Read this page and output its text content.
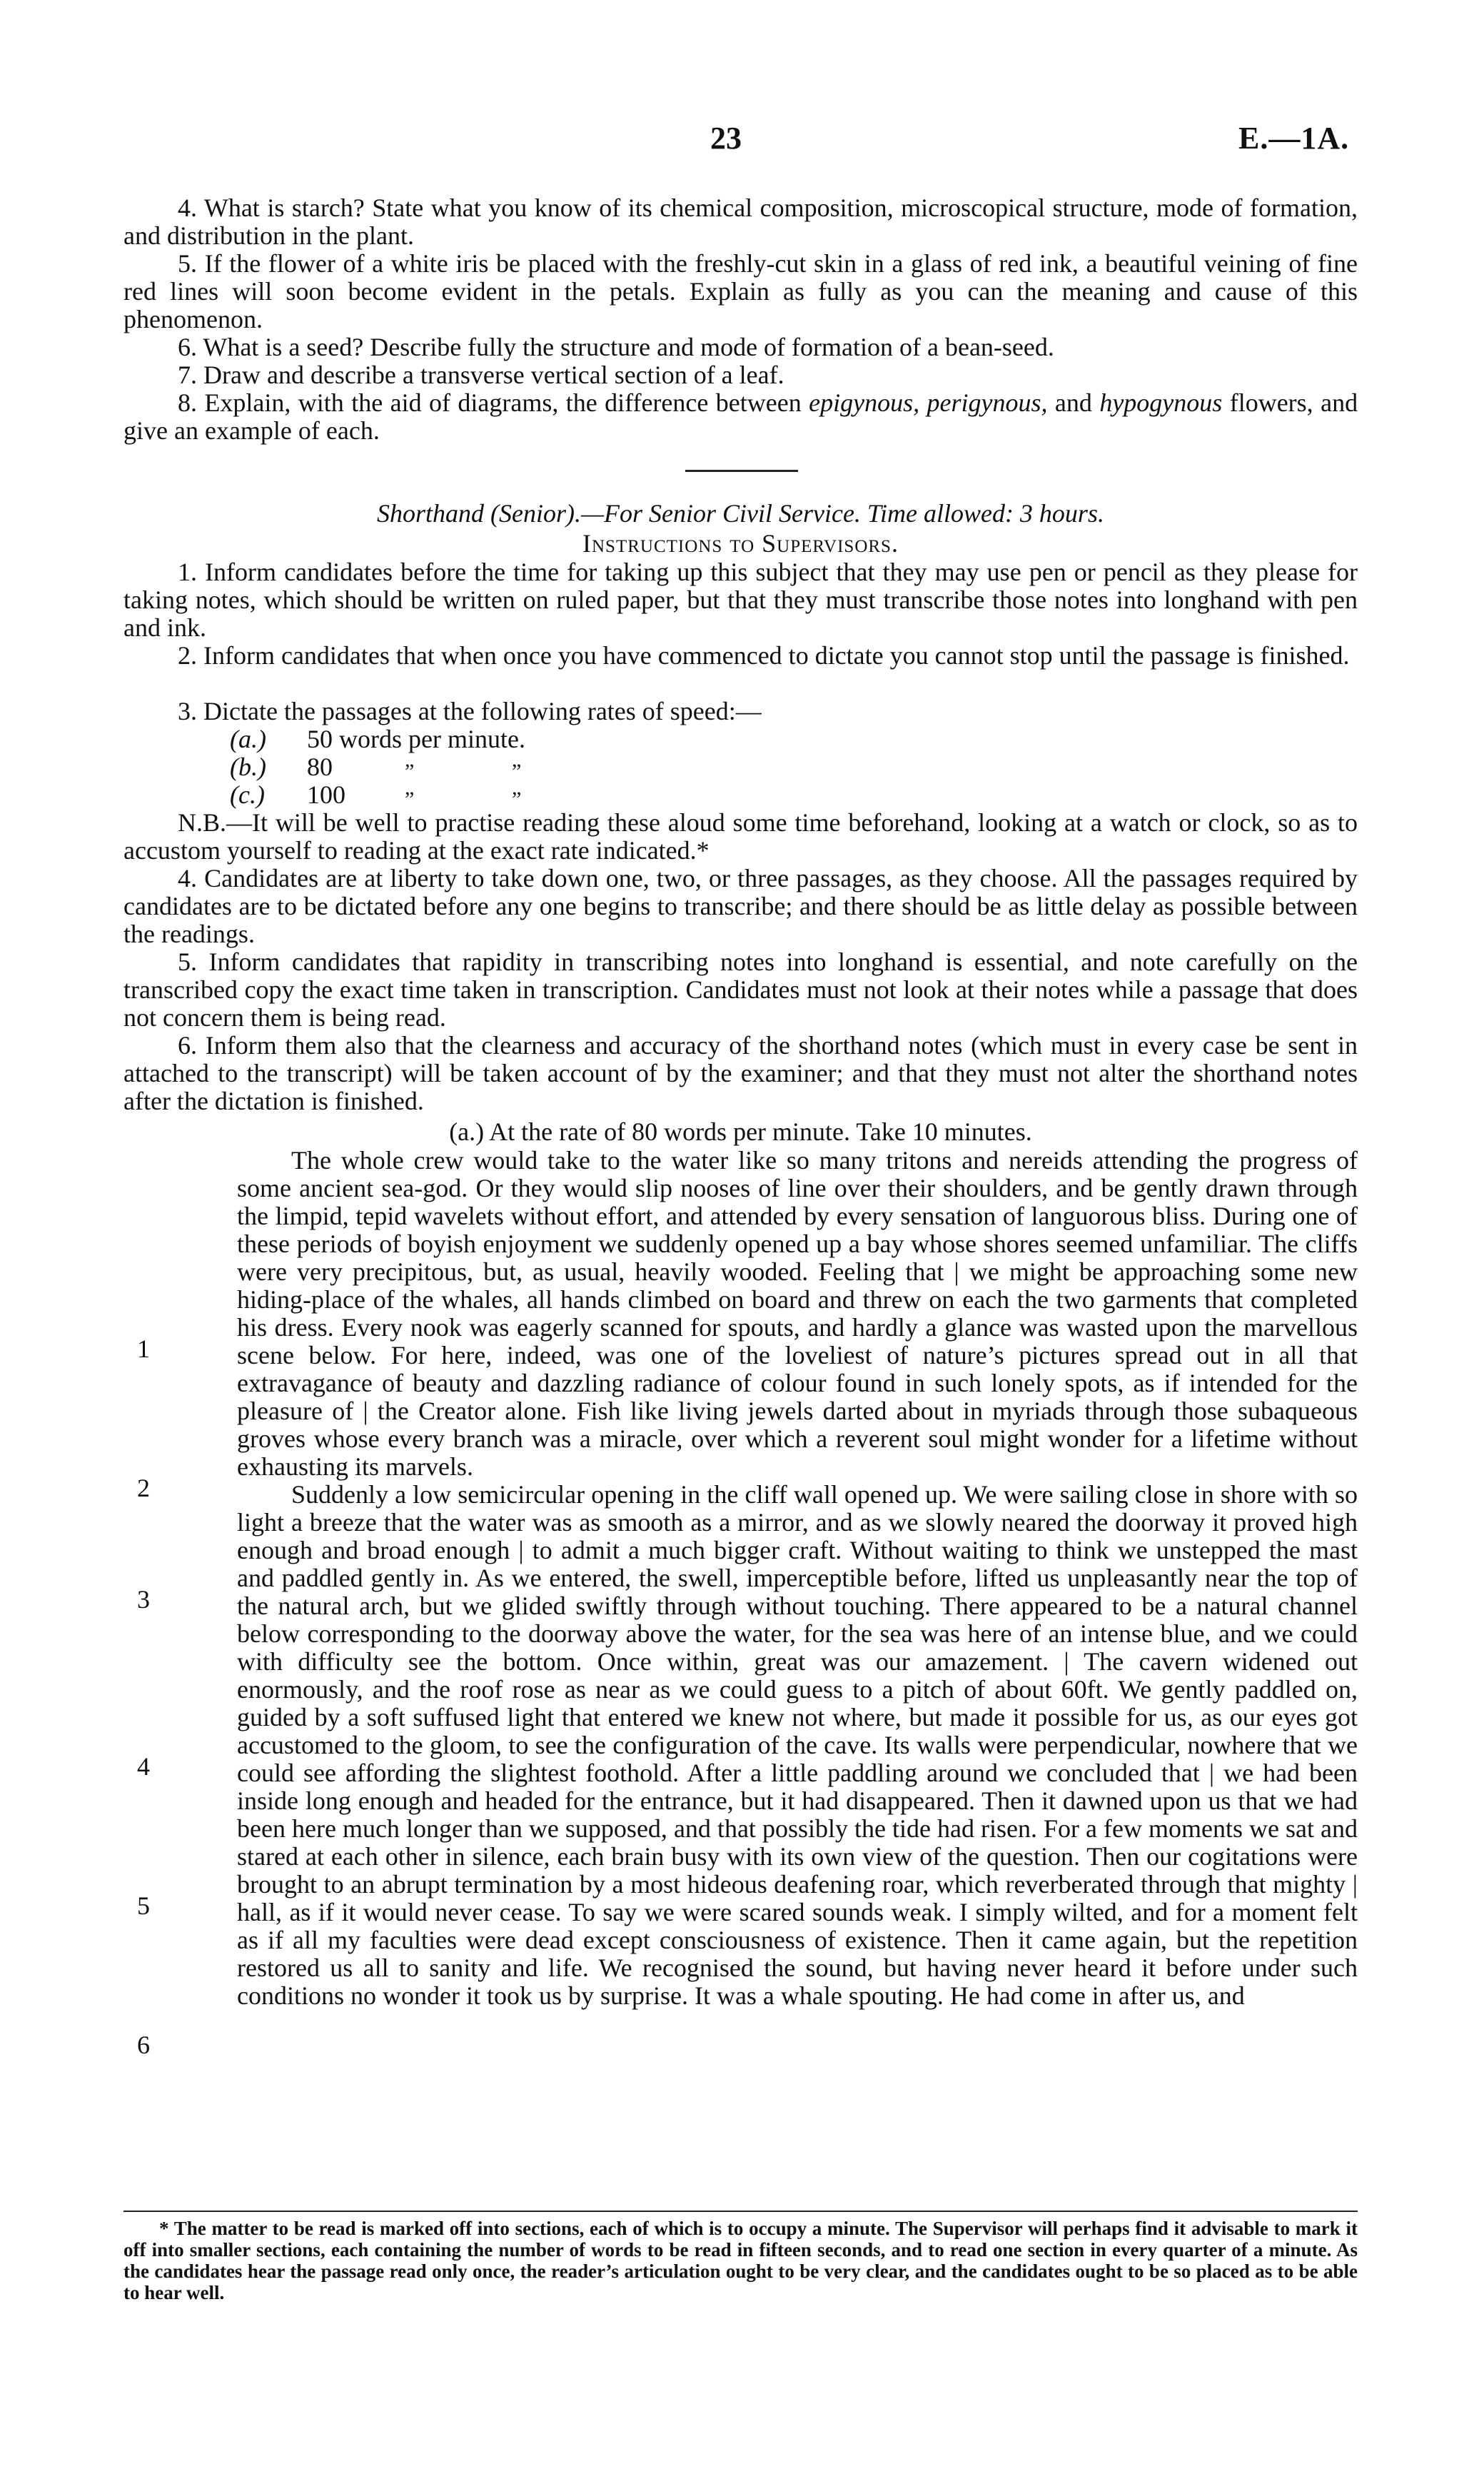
23	E.—1A.

4. What is starch? State what you know of its chemical composition, microscopical structure, mode of formation, and distribution in the plant.

5. If the flower of a white iris be placed with the freshly-cut skin in a glass of red ink, a beautiful veining of fine red lines will soon become evident in the petals. Explain as fully as you can the meaning and cause of this phenomenon.

6. What is a seed? Describe fully the structure and mode of formation of a bean-seed.

7. Draw and describe a transverse vertical section of a leaf.

8. Explain, with the aid of diagrams, the difference between epigynous, perigynous, and hypogynous flowers, and give an example of each.

Shorthand (Senior).—For Senior Civil Service. Time allowed: 3 hours.

Instructions to Supervisors.

1. Inform candidates before the time for taking up this subject that they may use pen or pencil as they please for taking notes, which should be written on ruled paper, but that they must transcribe those notes into longhand with pen and ink.

2. Inform candidates that when once you have commenced to dictate you cannot stop until the passage is finished.

3. Dictate the passages at the following rates of speed:—

(a.) 50 words per minute.
(b.) 80	”	”
(c.) 100	”	”

N.B.—It will be well to practise reading these aloud some time beforehand, looking at a watch or clock, so as to accustom yourself to reading at the exact rate indicated.*

4. Candidates are at liberty to take down one, two, or three passages, as they choose. All the passages required by candidates are to be dictated before any one begins to transcribe; and there should be as little delay as possible between the readings.

5. Inform candidates that rapidity in transcribing notes into longhand is essential, and note carefully on the transcribed copy the exact time taken in transcription. Candidates must not look at their notes while a passage that does not concern them is being read.

6. Inform them also that the clearness and accuracy of the shorthand notes (which must in every case be sent in attached to the transcript) will be taken account of by the examiner; and that they must not alter the shorthand notes after the dictation is finished.

(a.) At the rate of 80 words per minute. Take 10 minutes.

The whole crew would take to the water like so many tritons and nereids attending the progress of some ancient sea-god. Or they would slip nooses of line over their shoulders, and be gently drawn through the limpid, tepid wavelets without effort, and attended by every sensation of languorous bliss. During one of these periods of boyish enjoyment we suddenly opened up a bay whose shores seemed unfamiliar. The cliffs were very precipitous, but, as usual, heavily wooded. Feeling that | we might be approaching some new hiding-place of the whales, all hands climbed on board and threw on each the two garments that completed his dress. Every nook was eagerly scanned for spouts, and hardly a glance was wasted upon the marvellous scene below. For here, indeed, was one of the loveliest of nature’s pictures spread out in all that extravagance of beauty and dazzling radiance of colour found in such lonely spots, as if intended for the pleasure of | the Creator alone. Fish like living jewels darted about in myriads through those subaqueous groves whose every branch was a miracle, over which a reverent soul might wonder for a lifetime without exhausting its marvels.

Suddenly a low semicircular opening in the cliff wall opened up. We were sailing close in shore with so light a breeze that the water was as smooth as a mirror, and as we slowly neared the doorway it proved high enough and broad enough | to admit a much bigger craft. Without waiting to think we unstepped the mast and paddled gently in. As we entered, the swell, imperceptible before, lifted us unpleasantly near the top of the natural arch, but we glided swiftly through without touching. There appeared to be a natural channel below corresponding to the doorway above the water, for the sea was here of an intense blue, and we could with difficulty see the bottom. Once within, great was our amazement. | The cavern widened out enormously, and the roof rose as near as we could guess to a pitch of about 60ft. We gently paddled on, guided by a soft suffused light that entered we knew not where, but made it possible for us, as our eyes got accustomed to the gloom, to see the configuration of the cave. Its walls were perpendicular, nowhere that we could see affording the slightest foothold. After a little paddling around we concluded that | we had been inside long enough and headed for the entrance, but it had disappeared. Then it dawned upon us that we had been here much longer than we supposed, and that possibly the tide had risen. For a few moments we sat and stared at each other in silence, each brain busy with its own view of the question. Then our cogitations were brought to an abrupt termination by a most hideous deafening roar, which reverberated through that mighty | hall, as if it would never cease. To say we were scared sounds weak. I simply wilted, and for a moment felt as if all my faculties were dead except consciousness of existence. Then it came again, but the repetition restored us all to sanity and life. We recognised the sound, but having never heard it before under such conditions no wonder it took us by surprise. It was a whale spouting. He had come in after us, and

1
2
3
4
5
6

* The matter to be read is marked off into sections, each of which is to occupy a minute. The Supervisor will perhaps find it advisable to mark it off into smaller sections, each containing the number of words to be read in fifteen seconds, and to read one section in every quarter of a minute. As the candidates hear the passage read only once, the reader’s articulation ought to be very clear, and the candidates ought to be so placed as to be able to hear well.
